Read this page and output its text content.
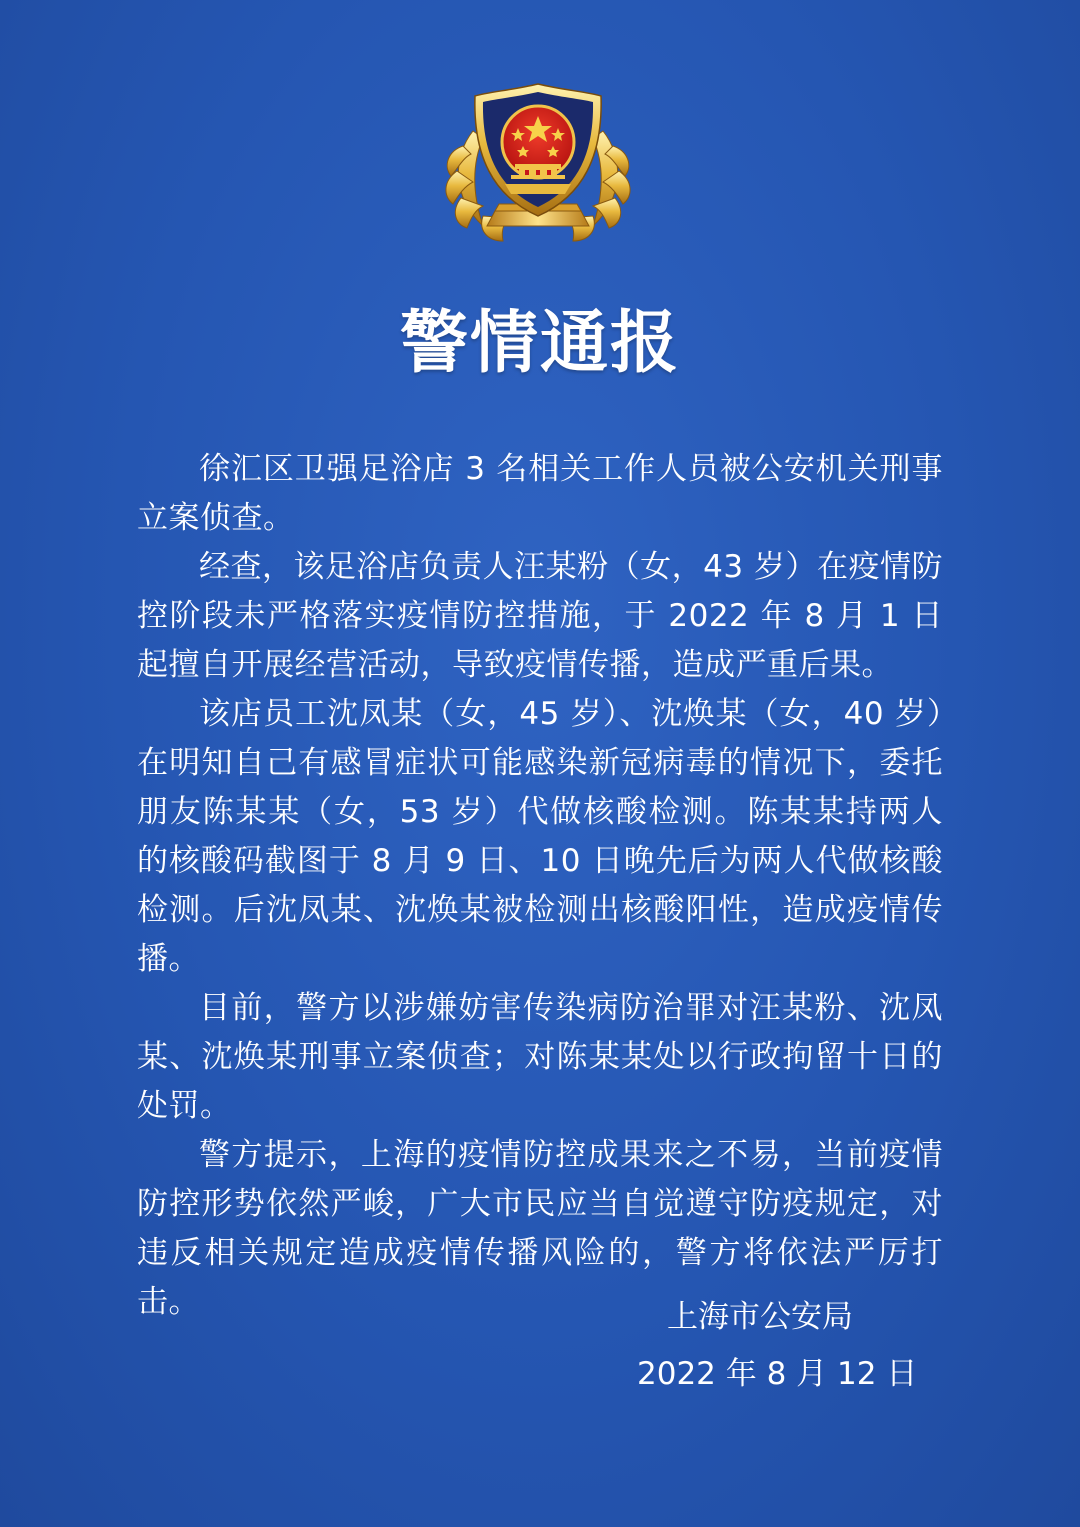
警情通报

徐汇区卫强足浴店 3 名相关工作人员被公安机关刑事立案侦查。

经查，该足浴店负责人汪某粉（女，43 岁）在疫情防控阶段未严格落实疫情防控措施，于 2022 年 8 月 1 日起擅自开展经营活动，导致疫情传播，造成严重后果。

该店员工沈凤某（女，45 岁）、沈焕某（女，40 岁）在明知自己有感冒症状可能感染新冠病毒的情况下，委托朋友陈某某（女，53 岁）代做核酸检测。陈某某持两人的核酸码截图于 8 月 9 日、10 日晚先后为两人代做核酸检测。后沈凤某、沈焕某被检测出核酸阳性，造成疫情传播。

目前，警方以涉嫌妨害传染病防治罪对汪某粉、沈凤某、沈焕某刑事立案侦查；对陈某某处以行政拘留十日的处罚。

警方提示，上海的疫情防控成果来之不易，当前疫情防控形势依然严峻，广大市民应当自觉遵守防疫规定，对违反相关规定造成疫情传播风险的，警方将依法严厉打击。	上海市公安局
2022 年 8 月 12 日
